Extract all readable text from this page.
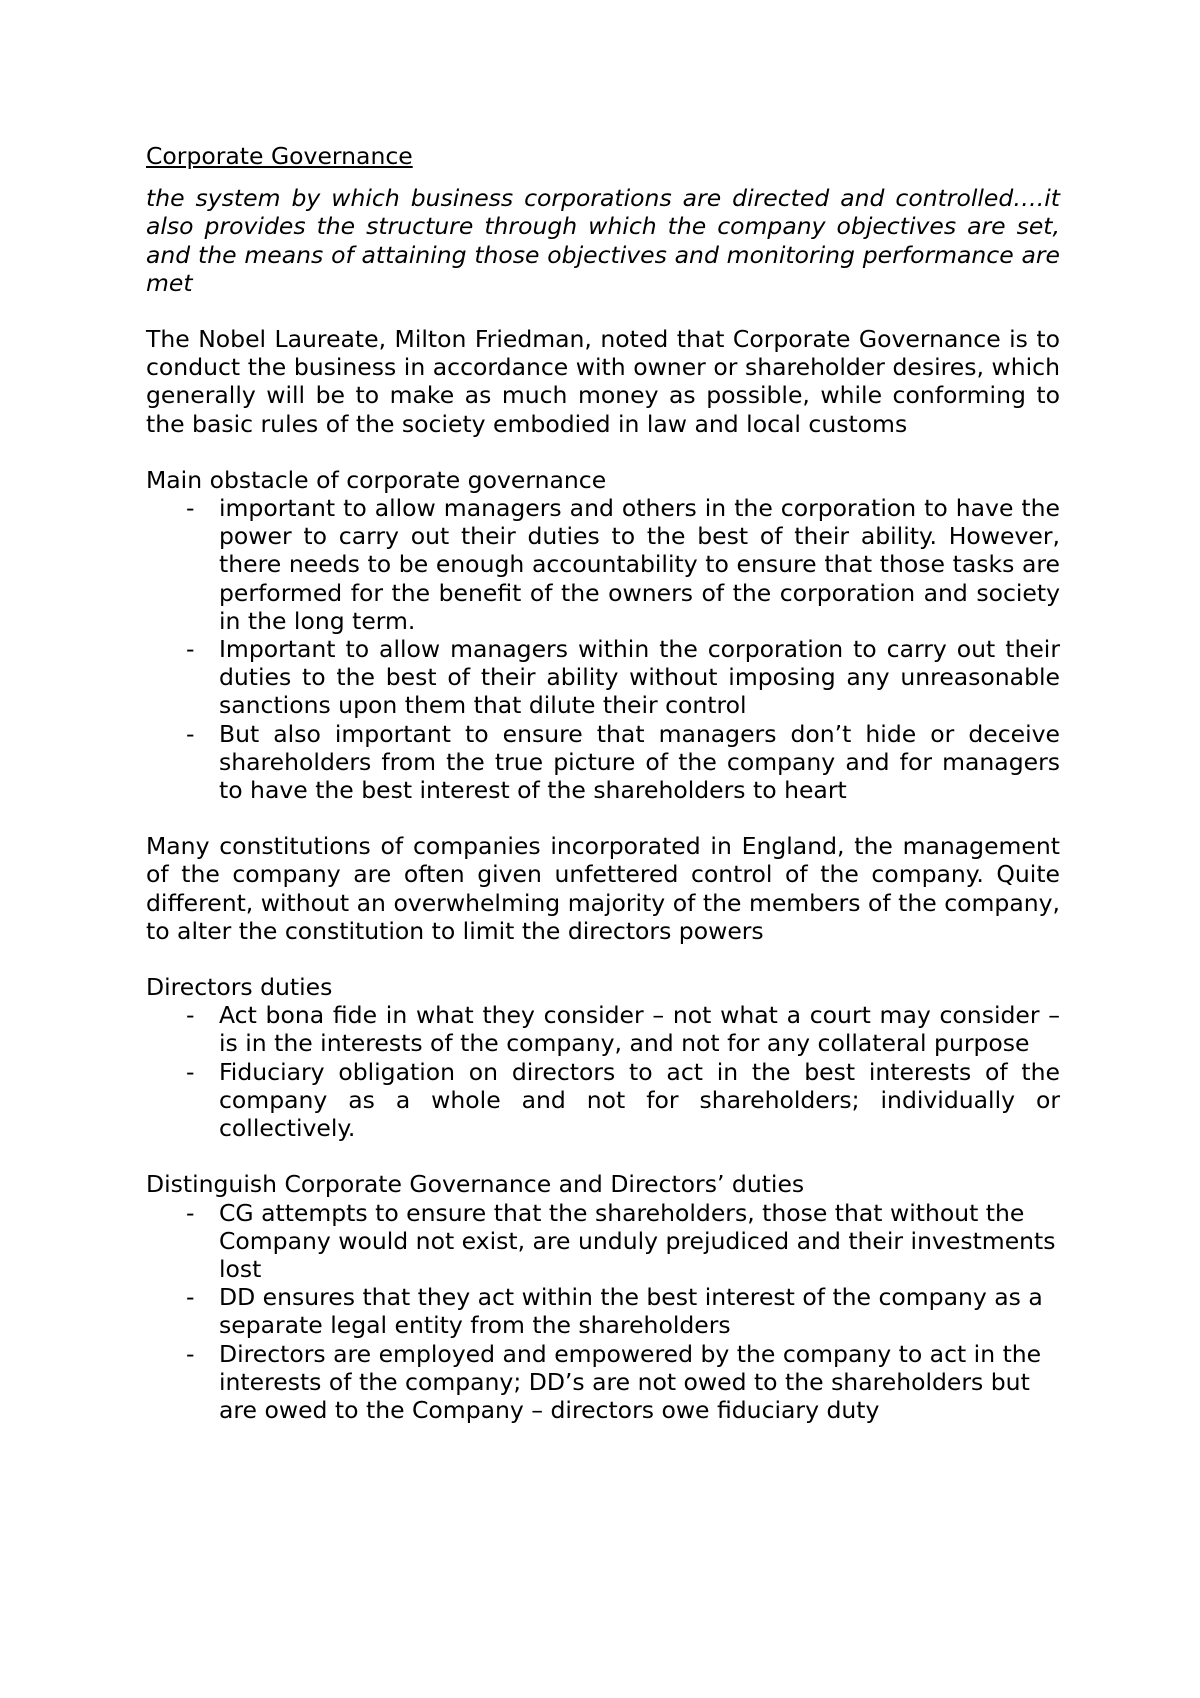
Corporate Governance

the system by which business corporations are directed and controlled….it also provides the structure through which the company objectives are set, and the means of attaining those objectives and monitoring performance are met

The Nobel Laureate, Milton Friedman, noted that Corporate Governance is to conduct the business in accordance with owner or shareholder desires, which generally will be to make as much money as possible, while conforming to the basic rules of the society embodied in law and local customs

Main obstacle of corporate governance

- important to allow managers and others in the corporation to have the power to carry out their duties to the best of their ability. However, there needs to be enough accountability to ensure that those tasks are performed for the benefit of the owners of the corporation and society in the long term.
- Important to allow managers within the corporation to carry out their duties to the best of their ability without imposing any unreasonable sanctions upon them that dilute their control
- But also important to ensure that managers don’t hide or deceive shareholders from the true picture of the company and for managers to have the best interest of the shareholders to heart

Many constitutions of companies incorporated in England, the management of the company are often given unfettered control of the company. Quite different, without an overwhelming majority of the members of the company, to alter the constitution to limit the directors powers

Directors duties

- Act bona fide in what they consider – not what a court may consider – is in the interests of the company, and not for any collateral purpose
- Fiduciary obligation on directors to act in the best interests of the company as a whole and not for shareholders; individually or collectively.

Distinguish Corporate Governance and Directors’ duties

- CG attempts to ensure that the shareholders, those that without the Company would not exist, are unduly prejudiced and their investments lost
- DD ensures that they act within the best interest of the company as a separate legal entity from the shareholders
- Directors are employed and empowered by the company to act in the interests of the company; DD’s are not owed to the shareholders but are owed to the Company – directors owe fiduciary duty
